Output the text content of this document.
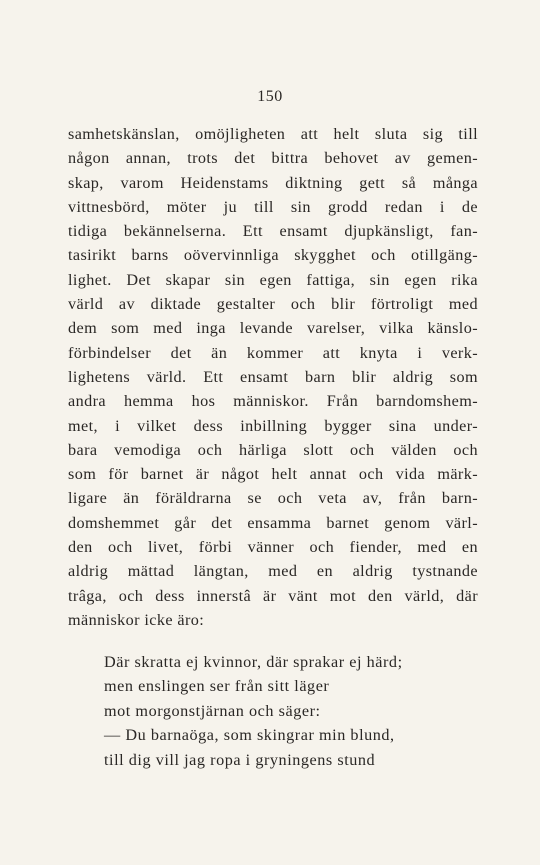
150
samhetskänslan, omöjligheten att helt sluta sig till
någon annan, trots det bittra behovet av gemen-
skap, varom Heidenstams diktning gett så många
vittnesbörd, möter ju till sin grodd redan i de
tidiga bekännelserna. Ett ensamt djupkänsligt, fan-
tasirikt barns oövervinnliga skygghet och otillgäng-
lighet. Det skapar sin egen fattiga, sin egen rika
värld av diktade gestalter och blir förtroligt med
dem som med inga levande varelser, vilka känslo-
förbindelser det än kommer att knyta i verk-
lighetens värld. Ett ensamt barn blir aldrig som
andra hemma hos människor. Från barndomshem-
met, i vilket dess inbillning bygger sina under-
bara vemodiga och härliga slott och välden och
som för barnet är något helt annat och vida märk-
ligare än föräldrarna se och veta av, från barn-
domshemmet går det ensamma barnet genom värl-
den och livet, förbi vänner och fiender, med en
aldrig mättad längtan, med en aldrig tystnande
trâga, och dess innerstâ är vänt mot den värld, där
människor icke äro:
Där skratta ej kvinnor, där sprakar ej härd;
men enslingen ser från sitt läger
mot morgonstjärnan och säger:
— Du barnaöga, som skingrar min blund,
till dig vill jag ropa i gryningens stund
